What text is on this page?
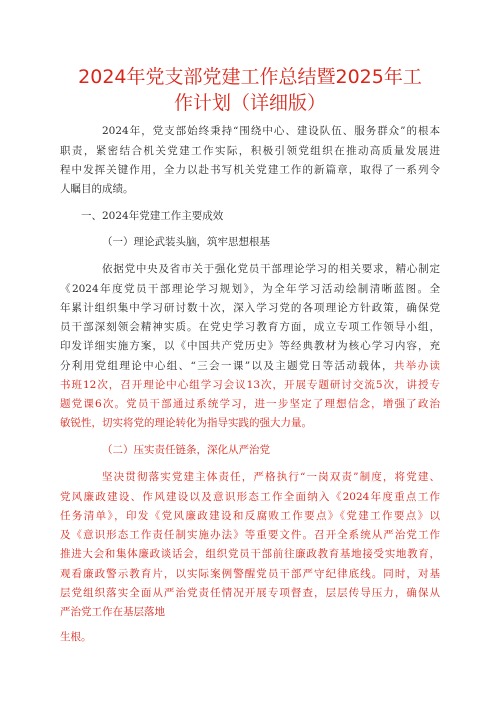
2024年党支部党建工作总结暨2025年工
作计划（详细版）
2024年，党支部始终秉持“围绕中心、建设队伍、服务群众”的根本
职责，紧密结合机关党建工作实际，积极引领党组织在推动高质量发展进
程中发挥关键作用，全力以赴书写机关党建工作的新篇章，取得了一系列令
人瞩目的成绩。
一、2024年党建工作主要成效
（一）理论武装头脑，筑牢思想根基
依据党中央及省市关于强化党员干部理论学习的相关要求，精心制定
《2024年度党员干部理论学习规划》，为全年学习活动绘制清晰蓝图。全
年累计组织集中学习研讨数十次，深入学习党的各项理论方针政策，确保党
员干部深刻领会精神实质。在党史学习教育方面，成立专项工作领导小组，
印发详细实施方案，以《中国共产党历史》等经典教材为核心学习内容，充
分利用党组理论中心组、“三会一课”以及主题党日等活动载体，共举办读
书班12次，召开理论中心组学习会议13次，开展专题研讨交流5次，讲授专
题党课6次。党员干部通过系统学习，进一步坚定了理想信念，增强了政治
敏锐性，切实将党的理论转化为指导实践的强大力量。
（二）压实责任链条，深化从严治党
坚决贯彻落实党建主体责任，严格执行“一岗双责”制度，将党建、
党风廉政建设、作风建设以及意识形态工作全面纳入《2024年度重点工作
任务清单》，印发《党风廉政建设和反腐败工作要点》《党建工作要点》以
及《意识形态工作责任制实施办法》等重要文件。召开全系统从严治党工作
推进大会和集体廉政谈话会，组织党员干部前往廉政教育基地接受实地教育，
观看廉政警示教育片，以实际案例警醒党员干部严守纪律底线。同时，对基
层党组织落实全面从严治党责任情况开展专项督查，层层传导压力，确保从
严治党工作在基层落地
生根。
